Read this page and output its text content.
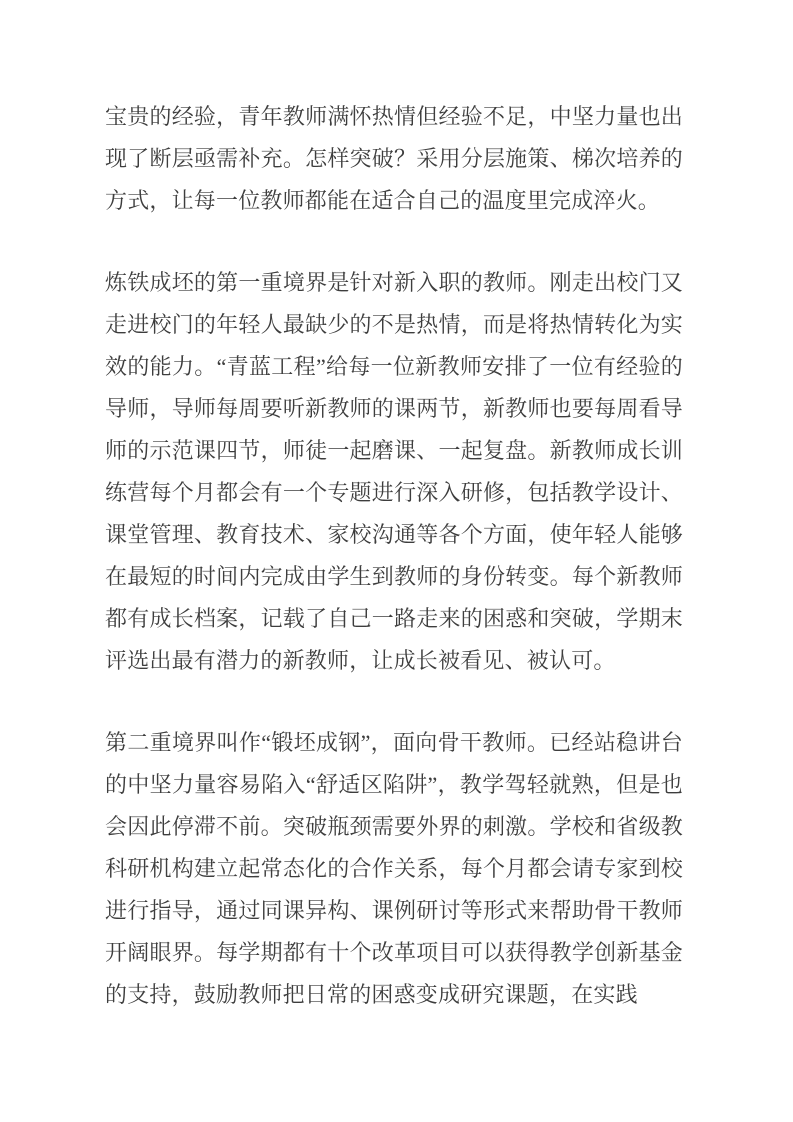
宝贵的经验，青年教师满怀热情但经验不足，中坚力量也出现了断层亟需补充。怎样突破？采用分层施策、梯次培养的方式，让每一位教师都能在适合自己的温度里完成淬火。

炼铁成坯的第一重境界是针对新入职的教师。刚走出校门又走进校门的年轻人最缺少的不是热情，而是将热情转化为实效的能力。“青蓝工程”给每一位新教师安排了一位有经验的导师，导师每周要听新教师的课两节，新教师也要每周看导师的示范课四节，师徒一起磨课、一起复盘。新教师成长训练营每个月都会有一个专题进行深入研修，包括教学设计、课堂管理、教育技术、家校沟通等各个方面，使年轻人能够在最短的时间内完成由学生到教师的身份转变。每个新教师都有成长档案，记载了自己一路走来的困惑和突破，学期末评选出最有潜力的新教师，让成长被看见、被认可。

第二重境界叫作“锻坯成钢”，面向骨干教师。已经站稳讲台的中坚力量容易陷入“舒适区陷阱”，教学驾轻就熟，但是也会因此停滞不前。突破瓶颈需要外界的刺激。学校和省级教科研机构建立起常态化的合作关系，每个月都会请专家到校进行指导，通过同课异构、课例研讨等形式来帮助骨干教师开阔眼界。每学期都有十个改革项目可以获得教学创新基金的支持，鼓励教师把日常的困惑变成研究课题，在实践
